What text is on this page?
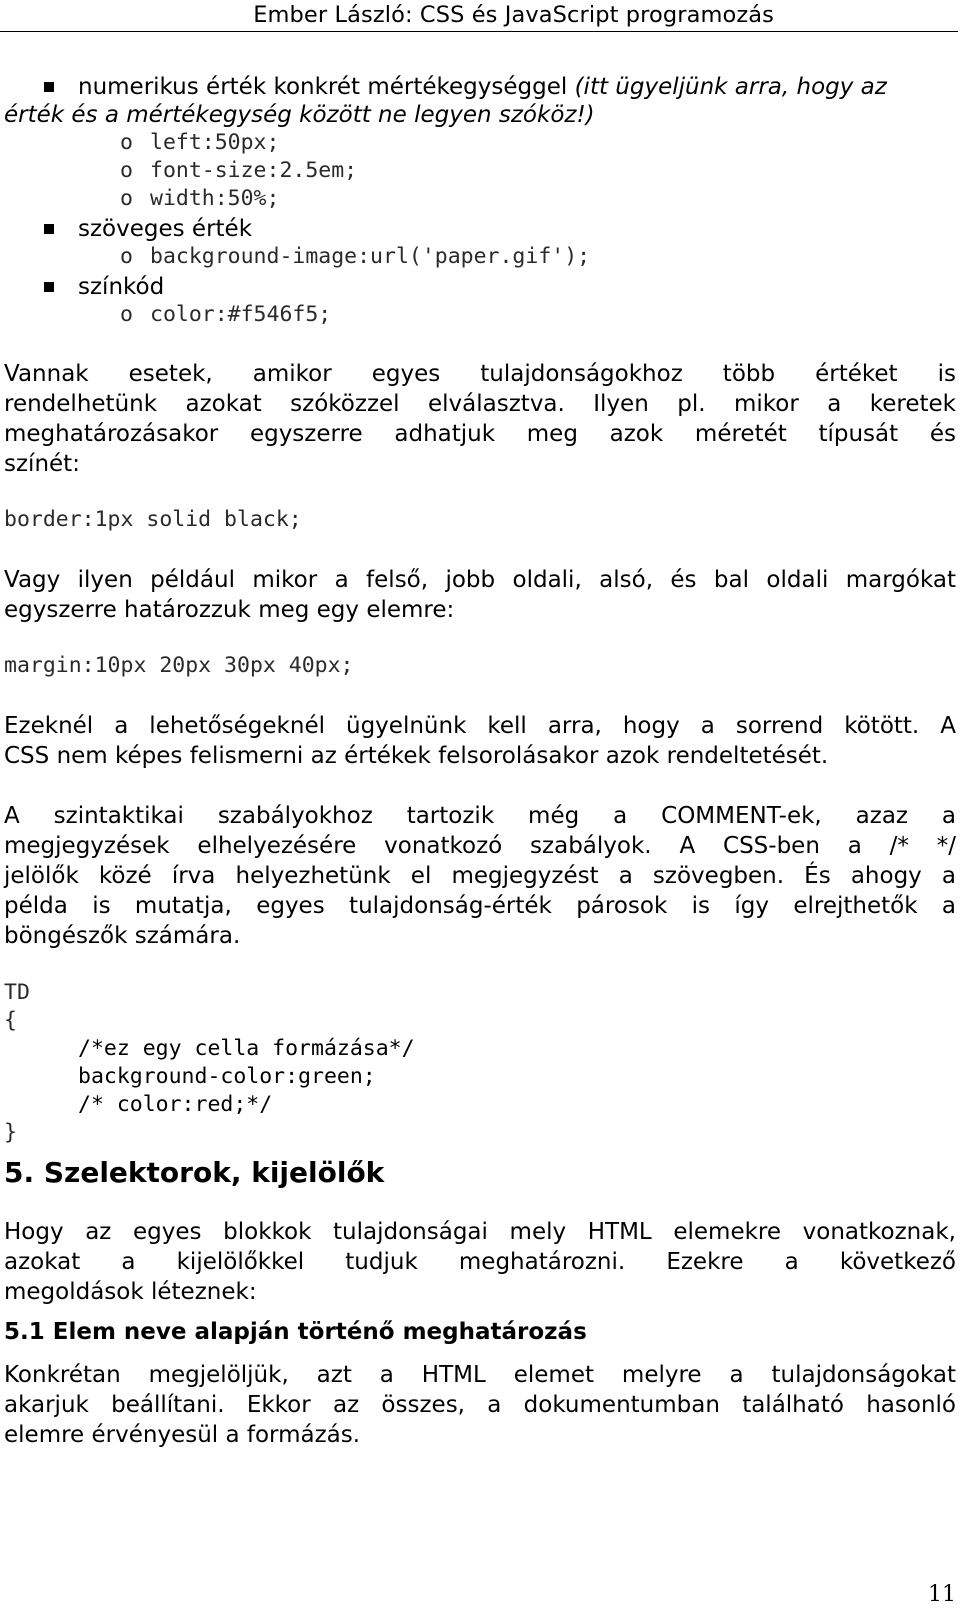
Ember László: CSS és JavaScript programozás
numerikus érték konkrét mértékegységgel (itt ügyeljünk arra, hogy az
érték és a mértékegység között ne legyen szóköz!)
o left:50px;
o font-size:2.5em;
o width:50%;
szöveges érték
o background-image:url('paper.gif');
színkód
o color:#f546f5;
Vannak esetek, amikor egyes tulajdonságokhoz több értéket is
rendelhetünk azokat szóközzel elválasztva. Ilyen pl. mikor a keretek
meghatározásakor egyszerre adhatjuk meg azok méretét típusát és
színét:
border:1px solid black;
Vagy ilyen például mikor a felső, jobb oldali, alsó, és bal oldali margókat
egyszerre határozzuk meg egy elemre:
margin:10px 20px 30px 40px;
Ezeknél a lehetőségeknél ügyelnünk kell arra, hogy a sorrend kötött. A
CSS nem képes felismerni az értékek felsorolásakor azok rendeltetését.
A szintaktikai szabályokhoz tartozik még a COMMENT-ek, azaz a
megjegyzések elhelyezésére vonatkozó szabályok. A CSS-ben a /* */
jelölők közé írva helyezhetünk el megjegyzést a szövegben. És ahogy a
példa is mutatja, egyes tulajdonság-érték párosok is így elrejthetők a
böngészők számára.
TD
{
/*ez egy cella formázása*/
background-color:green;
/* color:red;*/
}
5. Szelektorok, kijelölők
Hogy az egyes blokkok tulajdonságai mely HTML elemekre vonatkoznak,
azokat a kijelölőkkel tudjuk meghatározni. Ezekre a következő
megoldások léteznek:
5.1 Elem neve alapján történő meghatározás
Konkrétan megjelöljük, azt a HTML elemet melyre a tulajdonságokat
akarjuk beállítani. Ekkor az összes, a dokumentumban található hasonló
elemre érvényesül a formázás.
11
